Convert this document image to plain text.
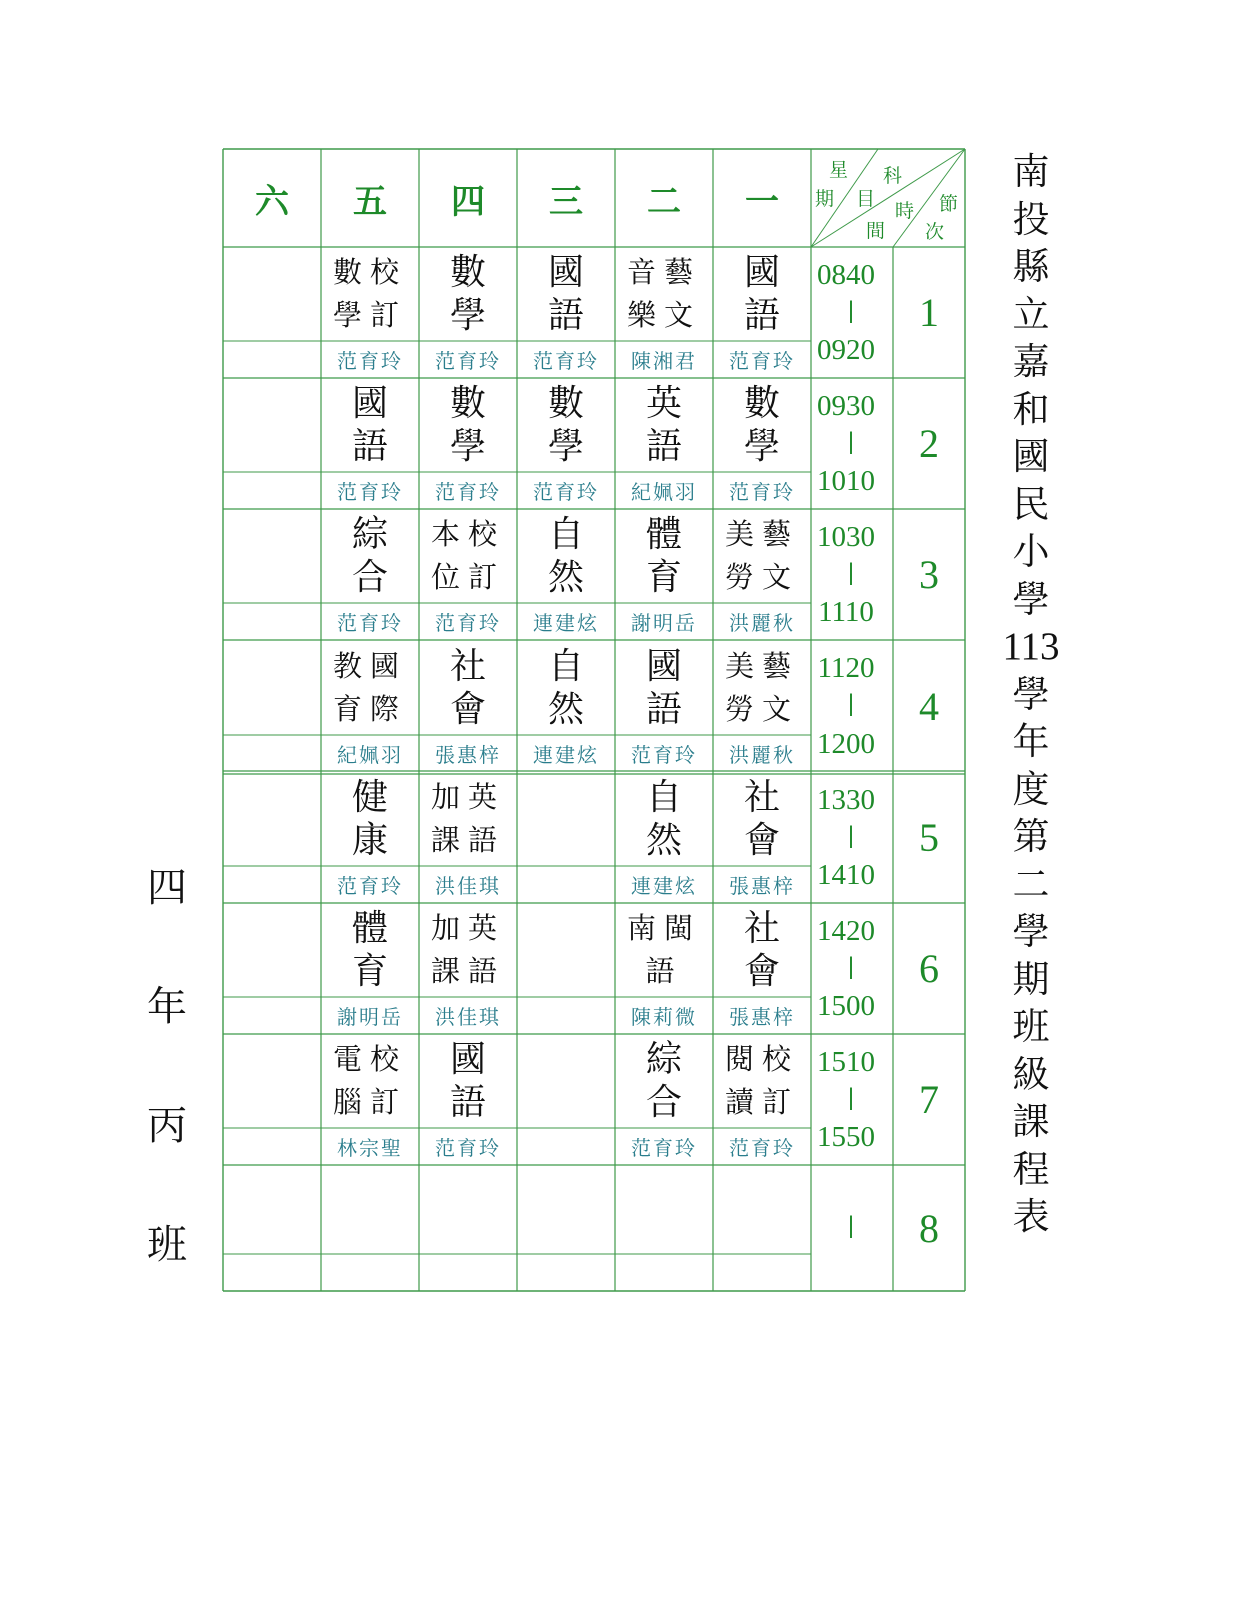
南
投
縣
立
嘉
和
國
民
小
學
113
學
年
度
第
二
學
期
班
級
課
程
表
四
年
丙
班
星
期
科
目
時
間
節
次
一
二
三
四
五
六
1
0840
|
0920
國
語
范育玲
音藝
樂文
陳湘君
國
語
范育玲
數
學
范育玲
數校
學訂
范育玲
2
0930
|
1010
數
學
范育玲
英
語
紀姵羽
數
學
范育玲
數
學
范育玲
國
語
范育玲
3
1030
|
1110
美藝
勞文
洪麗秋
體
育
謝明岳
自
然
連建炫
本校
位訂
范育玲
綜
合
范育玲
4
1120
|
1200
美藝
勞文
洪麗秋
國
語
范育玲
自
然
連建炫
社
會
張惠梓
教國
育際
紀姵羽
5
1330
|
1410
社
會
張惠梓
自
然
連建炫
加英
課語
洪佳琪
健
康
范育玲
6
1420
|
1500
社
會
張惠梓
南閩
語
陳莉微
加英
課語
洪佳琪
體
育
謝明岳
7
1510
|
1550
閱校
讀訂
范育玲
綜
合
范育玲
國
語
范育玲
電校
腦訂
林宗聖
8
|
